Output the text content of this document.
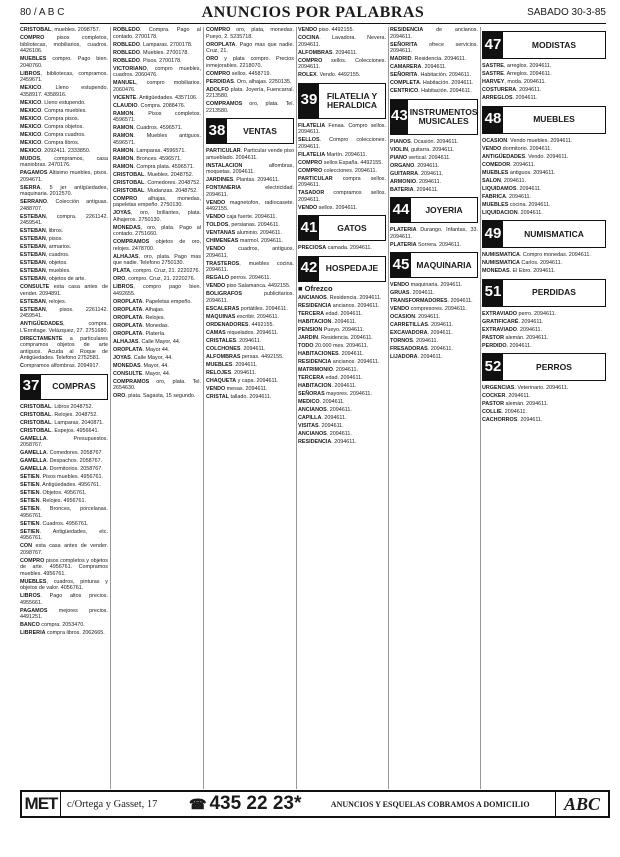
80 / A B C	ANUNCIOS POR PALABRAS	SABADO 30-3-85

CRISTOBAL, muebles. 2098757.

COMPRO pisos completos, bibliotecas, mobiliarios, cuadros. 4426106.

MUEBLES compro. Pago bien. 2040760.

LIBROS, bibliotecas, compramos. 2459671.

MEXICO. Lleno estupendo. 4358917. 4358916.

MEXICO. Lleno estupendo.

MEXICO. Compra muebles.

MEXICO. Compra pisos.

MEXICO. Compra objetos.

MEXICO. Compra cuadros.

MEXICO. Compra libros.

MEXICO. 2092411. 2333850.

MUDOS, compramos, casa maniobras. 2470176.

PAGAMOS Altisimo muebles, pisos. 2094671.

SIERRA, 5 jer antigüedades, maquinaria. 2012570.

SERRANO. Colección antiguas. 2488707.

ESTEBAN, compra. 2261142. 2459541.

ESTEBAN, libros.

ESTEBAN, pisos.

ESTEBAN, armarios.

ESTEBAN, cuadros.

ESTEBAN, objetos.

ESTEBAN, muebles.

ESTEBAN, objetos de arte.

CONSULTE esta casa antes de vender. 2094891.

ESTEBAN, relojes.

ESTEBAN, pisos. 2261142. 2459541.

ANTIGÜEDADES, compra. L'Ermitage. Velázquez, 27. 2751680.

DIRECTAMENTE a particulares compramos objetos de arte antiguos. Acuda al Roque de Antigüedades. Telefono 2752581.

Compramos alfombras. 2094917.

37	COMPRAS

CRISTOBAL. Libros 2048752.

CRISTOBAL. Relojes. 2048752.

CRISTOBAL. Lamparas. 2040871.

CRISTOBAL. Espejos. 4956641.

GAMELLA. Presupuestos. 2058767.

GAMELLA. Comedores. 2058767.

GAMELLA. Despachos. 2058767.

GAMELLA. Dormitorios. 2058767.

SETIEN. Pisos muebles. 4956761.

SETIEN. Antigüedades. 4956761.

SETIEN. Objetos. 4956761.

SETIEN. Relojes. 4956761.

SETIEN. Bronces, porcelanas. 4956761.

SETIEN. Cuadros. 4956761.

SETIEN. Antigüedades, etc. 4956761.

CON esta casa antes de vender. 2098767.

COMPRO pisos completos y objetos de arte. 4956761. Compramos muebles. 4956761.

MUEBLES, cuadros, pinturas y objetos de valor. 4056761.

LIBROS. Pago altos precios. 4955661.

PAGAMOS mejores precios. 4491251.

BANCO compra. 2053470.

LIBRERIA compra libros. 2062665.

ROBLEDO. Compra. Pago al contado. 2700178.

ROBLEDO. Lamparas. 2700178.

ROBLEDO. Muebles. 2700178.

ROBLEDO. Pisos. 2700178.

VICTORIANO, compro muebles, cuadros. 2060476.

MANUEL, compro mobiliarios. 2060476.

VICENTE. Antigüedades. 4357106.

CLAUDIO. Compra. 2088476.

RAMON. Pisos completos. 4596571.

RAMON. Cuadros. 4596571.

RAMON. Muebles antiguos. 4596571.

RAMON. Lamparas. 4596571.

RAMON. Bronces. 4596571.

RAMON. Compra plata. 4596571.

CRISTOBAL. Muebles. 2048752.

CRISTOBAL. Comedores. 2048752.

CRISTOBAL. Mudanzas. 2048752.

COMPRO alhajas, monedas, papeletas empeño. 2750130.

JOYAS, oro, brillantes, plata. Alhajeros. 2750130.

MONEDAS, oro, plata. Pago al contado. 2751660.

COMPRAMOS objetos de oro, relojes. 2478700.

ALHAJAS, oro, plata. Pago mas que nadie. Telefono 2750130.

PLATA, compro. Cruz, 21. 2220276.

ORO, compro. Cruz, 21. 2220276.

LIBROS, compro pago bien. 4492655.

OROPLATA. Papeletas empeño.

OROPLATA. Alhajas.

OROPLATA. Relojes.

OROPLATA. Monedas.

OROPLATA. Platería.

ALHAJAS. Calle Mayor, 44.

OROPLATA. Mayor 44.

JOYAS. Calle Mayor, 44.

MONEDAS. Mayor, 44.

CONSULTE. Mayor, 44.

COMPRAMOS oro, plata. Tel. 2654630.

ORO, plata. Sagasta, 15 segundo.

COMPRO oro, plata, monedas. Pueyo, 2. 5235718.

OROPLATA. Pago mas que nadie. Cruz, 21.

ORO y plata compro. Precios inmejorables. 2218070.

COMPRO sellos. 4458719.

PERDIDAS. Oro, alhajas. 2250135.

ADOLFO plata. Joyería, Fuencarral. 2213580.

COMPRAMOS oro, plata. Tel. 2213580.

38	VENTAS

PARTICULAR. Particular vende piso amueblado. 2094611.

INSTALACION alfombras, moquetas. 2094611.

JARDINES. Plantas. 2094611.

FONTANERIA electricidad. 2094611.

VENDO magnetofon, radiocasete. 4492155.

VENDO caja fuerte. 2094611.

TOLDOS, persianas. 2094611.

VENTANAS aluminio. 2094611.

CHIMENEAS marmol. 2094611.

VENDO cuadros, antiguos. 2094611.

TRASTEROS, muebles cocina. 2094611.

REGALO perros. 2094611.

VENDO piso Salamanca. 4492155.

BOLIGRAFOS publicitarios. 2094611.

ESCALERAS portátiles. 2094611.

MAQUINAS escribir. 2094611.

ORDENADORES. 4492155.

CAMAS niquelados. 2094611.

CRISTALES. 2094611.

COLCHONES. 2094611.

ALFOMBRAS persas. 4492155.

MUEBLES. 2094611.

RELOJES. 2094611.

CHAQUETA y capa. 2094611.

VENDO mesas. 2094611.

CRISTAL tallado. 2094611.

VENDO piso. 4492155.

COCINA. Lavadora. Nevera. 2094611.

ALFOMBRAS. 2094611.

COMPRO sellos. Colecciones. 2094611.

ROLEX. Vendo. 4492155.

39	FILATELIA Y HERALDICA

FILATELIA Fenaa. Compro sellos. 2094611.

SELLOS. Compro colecciones. 2094611.

FILATELIA Martín. 2094611.

COMPRO sellos España. 4492155.

COMPRO colecciones. 2094611.

PARTICULAR compra sellos. 2094611.

TASADOR compramos sellos. 2094611.

VENDO sellos. 2094611.

41	GATOS

PRECIOSA camada. 2094611.

42 HOSPEDAJE
■ Ofrezco

ANCIANOS. Residencia. 2094611.

RESIDENCIA ancianos. 2094611.

TERCERA edad. 2094611.

HABITACION. 2094611.

PENSION Pueyo. 2094611.

JARDIN. Residencia. 2094611.

TODO 20.000 mes. 2094611.

HABITACIONES. 2094611.

RESIDENCIA ancianos. 2094611.

MATRIMONIO. 2094611.

TERCERA edad. 2094611.

HABITACION. 2094611.

SEÑORAS mayores. 2094611.

MEDICO. 2094611.

ANCIANOS. 2094611.

CAPILLA. 2094611.

VISITAS. 2094611.

ANCIANOS. 2094611.

RESIDENCIA. 2094611.

RESIDENCIA de ancianos. 2094611.

SEÑORITA ofrece servicios. 2094611.

MADRID. Residencia. 2094611.

CAMARERA. 2094611.

SEÑORITA. Habitación. 2094611.

COMPLETA. Habitación. 2094611.

CENTRICO. Habitación. 2094611.

43 INSTRUMENTOS MUSICALES

PIANOS. Ocasión. 2094611.

VIOLIN, guitarra. 2094611.

PIANO vertical. 2094611.

ORGANO. 2094611.

GUITARRA. 2094611.

ARMONIO. 2094611.

BATERIA. 2094611.

44	JOYERIA

PLATERIA Durango. Infantas, 33. 2094611.

PLATERIA Sorrera. 2094611.

45 MAQUINARIA

VENDO maquinaria. 2094611.

GRUAS. 2094611.

TRANSFORMADORES. 2094611.

VENDO compresores. 2094611.

OCASION. 2094611.

CARRETILLAS. 2094611.

EXCAVADORA. 2094611.

TORNOS. 2094611.

FRESADORAS. 2094611.

LIJADORA. 2094611.

47	MODISTAS

SASTRE, arreglos. 2094611.

SASTRE. Arreglos. 2094611.

HARVEY, moda. 2094611.

COSTURERA. 2094611.

ARREGLOS. 2094611.

48	MUEBLES

OCASION. Vendo muebles. 2094611.

VENDO dormitorio. 2094611.

ANTIGÜEDADES. Vendo. 2094611.

COMEDOR. 2094611.

MUEBLES antiguos. 2094611.

SALON. 2094611.

LIQUIDAMOS. 2094611.

FABRICA. 2094611.

MUEBLES cocina. 2094611.

LIQUIDACION. 2094611.

49	NUMISMATICA

NUMISMATICA. Compro monedas. 2094611.

NUMISMATICA Carlos. 2094611.

MONEDAS. El Ebro. 2094611.

51	PERDIDAS

EXTRAVIADO perro. 2094611.

GRATIFICARÉ. 2094611.

EXTRAVIADO. 2094611.

PASTOR alemán. 2094611.

PERDIDO. 2094611.

52	PERROS

URGENCIAS. Veterinario. 2094611.

COCKER. 2094611.

PASTOR alemán. 2094611.

COLLIE. 2094611.

CACHORROS. 2094611.

MET c/Ortega y Gasset, 17	☎ 435 22 23*	ANUNCIOS Y ESQUELAS COBRAMOS A DOMICILIO	ABC
